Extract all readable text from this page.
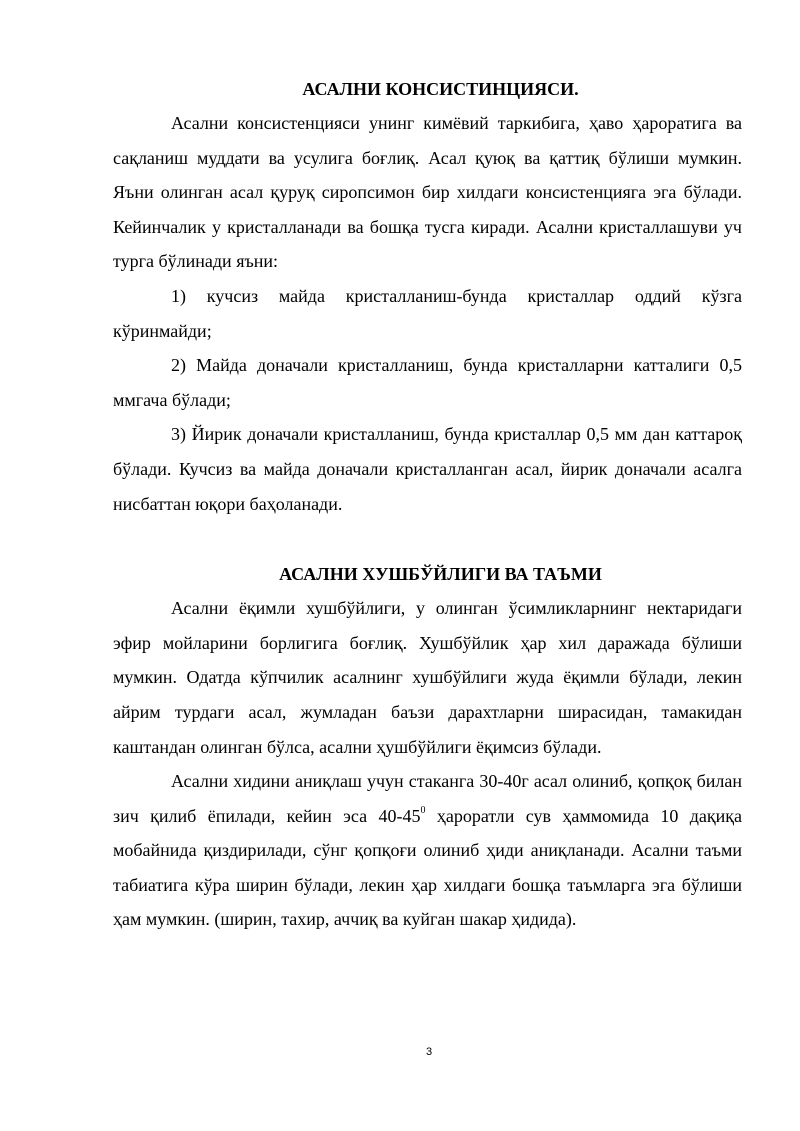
АСАЛНИ КОНСИСТИНЦИЯСИ.

Асални консистенцияси унинг кимёвий таркибига, ҳаво ҳароратига ва сақланиш муддати ва усулига боғлиқ. Асал қуюқ ва қаттиқ бўлиши мумкин. Яъни олинган асал қуруқ сиропсимон бир хилдаги консистенцияга эга бўлади. Кейинчалик у кристалланади ва бошқа тусга киради. Асални кристаллашуви уч турга бўлинади яъни:

1) кучсиз майда кристалланиш-бунда кристаллар оддий кўзга кўринмайди;

2) Майда доначали кристалланиш, бунда кристалларни катталиги 0,5 ммгача бўлади;

3) Йирик доначали кристалланиш, бунда кристаллар 0,5 мм дан каттароқ бўлади. Кучсиз ва майда доначали кристалланган асал, йирик доначали асалга нисбаттан юқори баҳоланади.

АСАЛНИ ХУШБЎЙЛИГИ ВА ТАЪМИ

Асални ёқимли хушбўйлиги, у олинган ўсимликларнинг нектаридаги эфир мойларини борлигига боғлиқ. Хушбўйлик ҳар хил даражада бўлиши мумкин. Одатда кўпчилик асалнинг хушбўйлиги жуда ёқимли бўлади, лекин айрим турдаги асал, жумладан баъзи дарахтларни ширасидан, тамакидан каштандан олинган бўлса, асални ҳушбўйлиги ёқимсиз бўлади.

Асални хидини аниқлаш учун стаканга 30-40г асал олиниб, қопқоқ билан зич қилиб ёпилади, кейин эса $40-45^0$ ҳароратли сув ҳаммомида 10 дақиқа мобайнида қиздирилади, сўнг қопқоғи олиниб ҳиди аниқланади. Асални таъми табиатига кўра ширин бўлади, лекин ҳар хилдаги бошқа таъмларга эга бўлиши ҳам мумкин. (ширин, тахир, аччиқ ва куйган шакар ҳидида).

3
